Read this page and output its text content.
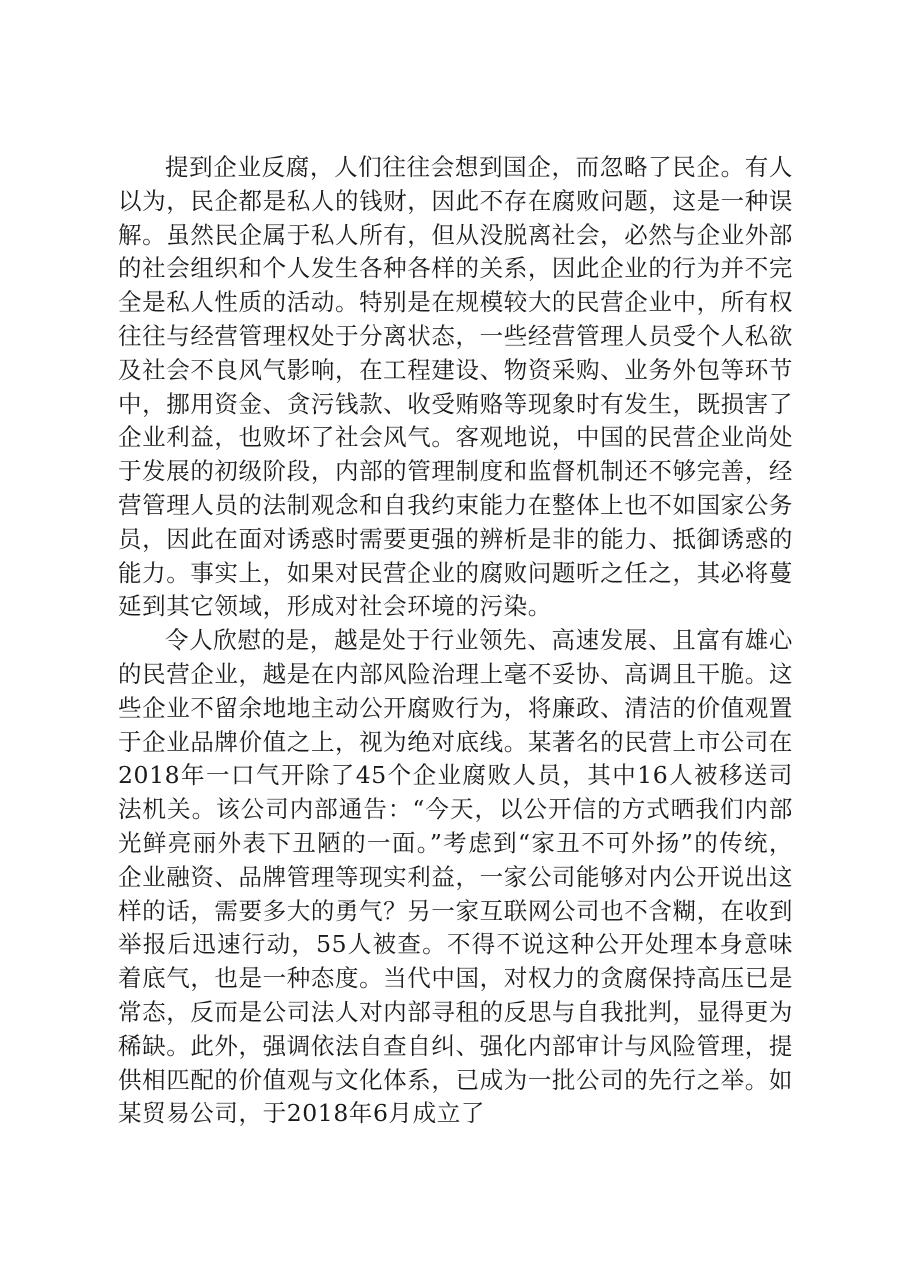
提到企业反腐，人们往往会想到国企，而忽略了民企。有人以为，民企都是私人的钱财，因此不存在腐败问题，这是一种误解。虽然民企属于私人所有，但从没脱离社会，必然与企业外部的社会组织和个人发生各种各样的关系，因此企业的行为并不完全是私人性质的活动。特别是在规模较大的民营企业中，所有权往往与经营管理权处于分离状态，一些经营管理人员受个人私欲及社会不良风气影响，在工程建设、物资采购、业务外包等环节中，挪用资金、贪污钱款、收受贿赂等现象时有发生，既损害了企业利益，也败坏了社会风气。客观地说，中国的民营企业尚处于发展的初级阶段，内部的管理制度和监督机制还不够完善，经营管理人员的法制观念和自我约束能力在整体上也不如国家公务员，因此在面对诱惑时需要更强的辨析是非的能力、抵御诱惑的能力。事实上，如果对民营企业的腐败问题听之任之，其必将蔓延到其它领域，形成对社会环境的污染。

令人欣慰的是，越是处于行业领先、高速发展、且富有雄心的民营企业，越是在内部风险治理上毫不妥协、高调且干脆。这些企业不留余地地主动公开腐败行为，将廉政、清洁的价值观置于企业品牌价值之上，视为绝对底线。某著名的民营上市公司在2018年一口气开除了45个企业腐败人员，其中16人被移送司法机关。该公司内部通告：“今天，以公开信的方式晒我们内部光鲜亮丽外表下丑陋的一面。”考虑到“家丑不可外扬”的传统，企业融资、品牌管理等现实利益，一家公司能够对内公开说出这样的话，需要多大的勇气？另一家互联网公司也不含糊，在收到举报后迅速行动，55人被查。不得不说这种公开处理本身意味着底气，也是一种态度。当代中国，对权力的贪腐保持高压已是常态，反而是公司法人对内部寻租的反思与自我批判，显得更为稀缺。此外，强调依法自查自纠、强化内部审计与风险管理，提供相匹配的价值观与文化体系，已成为一批公司的先行之举。如某贸易公司，于2018年6月成立了
